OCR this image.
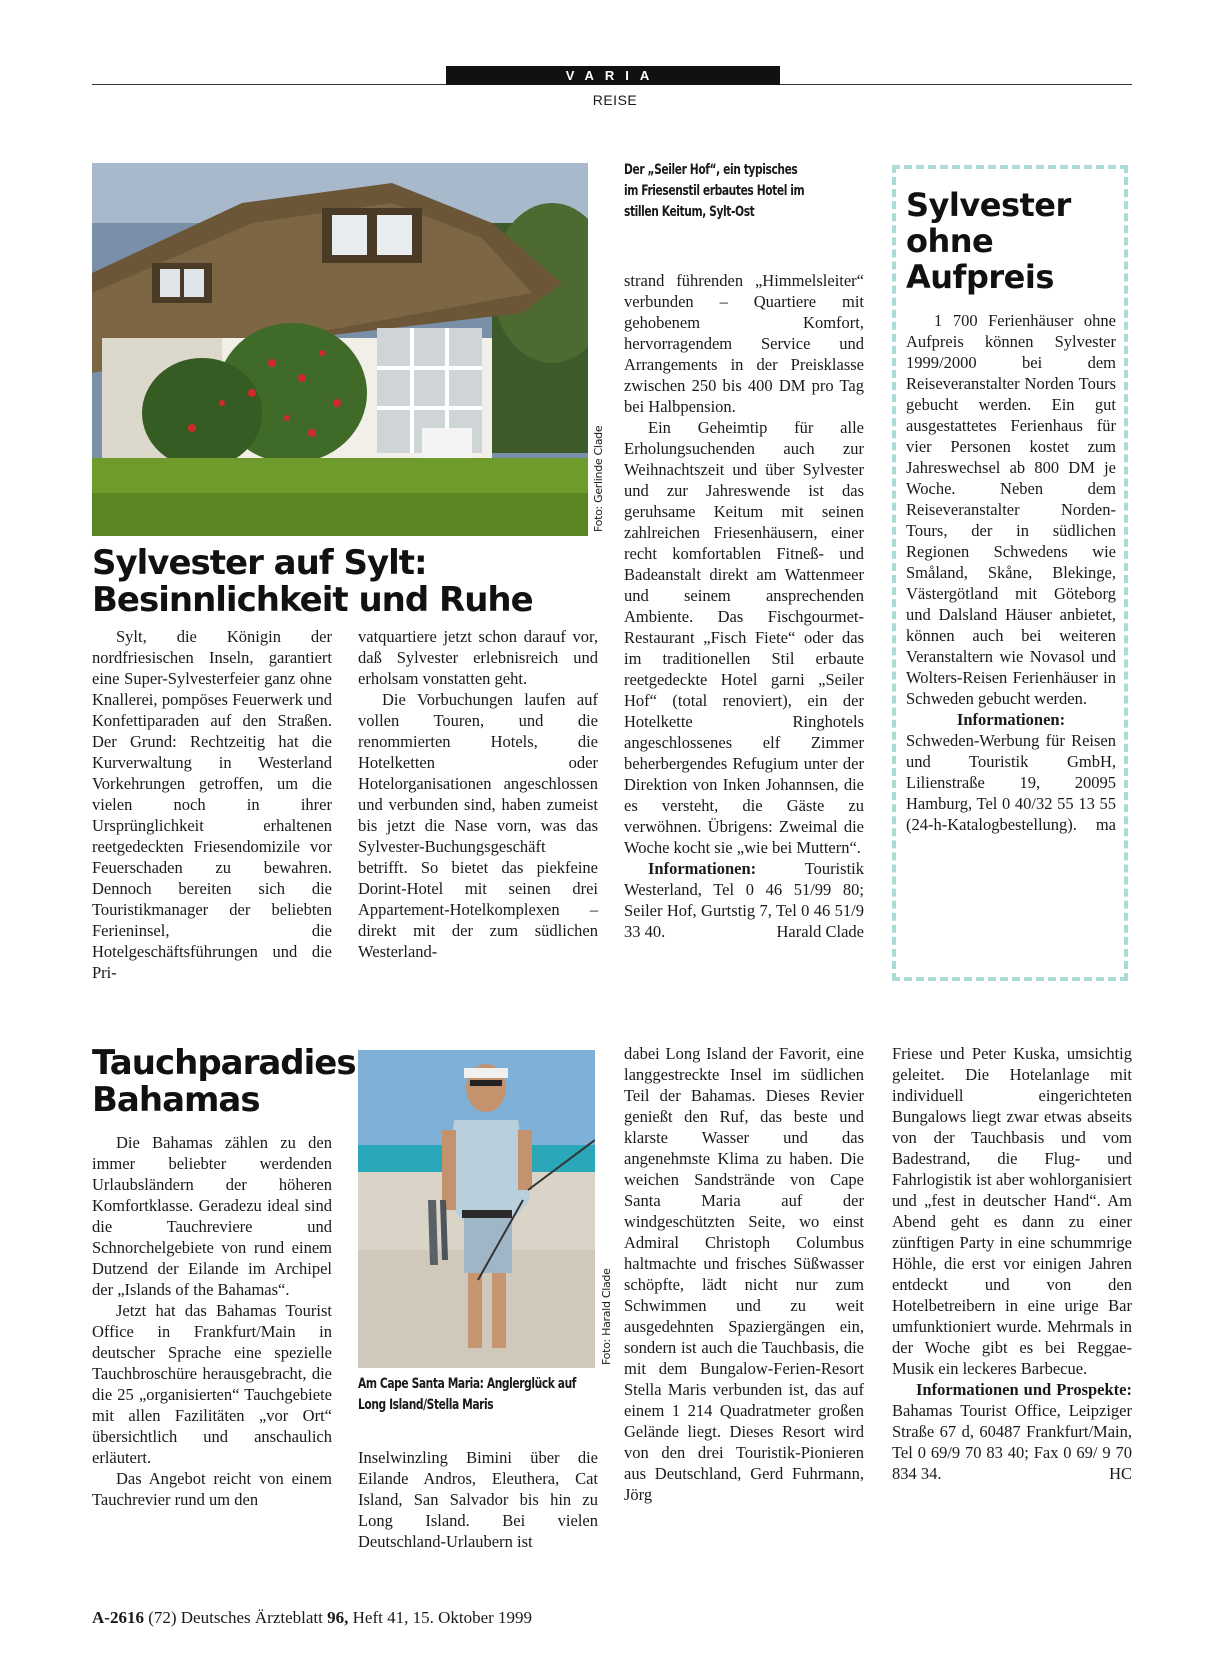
VARIA
REISE
Foto: Gerlinde Clade
Der „Seiler Hof“, ein typisches im Friesenstil erbautes Hotel im stillen Keitum, Sylt-Ost
Sylvester auf Sylt:
Besinnlichkeit und Ruhe

Sylt, die Königin der nordfriesischen Inseln, garantiert eine Super-Sylvesterfeier ganz ohne Knallerei, pompöses Feuerwerk und Konfettiparaden auf den Straßen. Der Grund: Rechtzeitig hat die Kurverwaltung in Westerland Vorkehrungen getroffen, um die vielen noch in ihrer Ursprünglichkeit erhaltenen reetgedeckten Friesendomizile vor Feuerschaden zu bewahren. Dennoch bereiten sich die Touristikmanager der beliebten Ferieninsel, die Hotelgeschäftsführungen und die Pri-

vatquartiere jetzt schon darauf vor, daß Sylvester erlebnisreich und erholsam vonstatten geht.

Die Vorbuchungen laufen auf vollen Touren, und die renommierten Hotels, die Hotelketten oder Hotelorganisationen angeschlossen und verbunden sind, haben zumeist bis jetzt die Nase vorn, was das Sylvester-Buchungsgeschäft betrifft. So bietet das piekfeine Dorint-Hotel mit seinen drei Appartement-Hotelkomplexen – direkt mit der zum südlichen Westerland-

strand führenden „Himmelsleiter“ verbunden – Quartiere mit gehobenem Komfort, hervorragendem Service und Arrangements in der Preisklasse zwischen 250 bis 400 DM pro Tag bei Halbpension.

Ein Geheimtip für alle Erholungsuchenden auch zur Weihnachtszeit und über Sylvester und zur Jahreswende ist das geruhsame Keitum mit seinen zahlreichen Friesenhäusern, einer recht komfortablen Fitneß- und Badeanstalt direkt am Wattenmeer und seinem ansprechenden Ambiente. Das Fischgourmet-Restaurant „Fisch Fiete“ oder das im traditionellen Stil erbaute reetgedeckte Hotel garni „Seiler Hof“ (total renoviert), ein der Hotelkette Ringhotels angeschlossenes elf Zimmer beherbergendes Refugium unter der Direktion von Inken Johannsen, die es versteht, die Gäste zu verwöhnen. Übrigens: Zweimal die Woche kocht sie „wie bei Muttern“.

Informationen: Touristik Westerland, Tel 0 46 51/99 80; Seiler Hof, Gurtstig 7, Tel 0 46 51/9 33 40.	Harald Clade

Sylvester
ohne
Aufpreis

1 700 Ferienhäuser ohne Aufpreis können Sylvester 1999/2000 bei dem Reiseveranstalter Norden Tours gebucht werden. Ein gut ausgestattetes Ferienhaus für vier Personen kostet zum Jahreswechsel ab 800 DM je Woche. Neben dem Reiseveranstalter Norden-Tours, der in südlichen Regionen Schwedens wie Småland, Skåne, Blekinge, Västergötland mit Göteborg und Dalsland Häuser anbietet, können auch bei weiteren Veranstaltern wie Novasol und Wolters-Reisen Ferienhäuser in Schweden gebucht werden.

Informationen:

Schweden-Werbung für Reisen und Touristik GmbH, Lilienstraße 19, 20095 Hamburg, Tel 0 40/32 55 13 55 (24-h-Katalogbestellung). ma

Tauchparadies
Bahamas

Die Bahamas zählen zu den immer beliebter werdenden Urlaubsländern der höheren Komfortklasse. Geradezu ideal sind die Tauchreviere und Schnorchelgebiete von rund einem Dutzend der Eilande im Archipel der „Islands of the Bahamas“.

Jetzt hat das Bahamas Tourist Office in Frankfurt/Main in deutscher Sprache eine spezielle Tauchbroschüre herausgebracht, die die 25 „organisierten“ Tauchgebiete mit allen Fazilitäten „vor Ort“ übersichtlich und anschaulich erläutert.

Das Angebot reicht von einem Tauchrevier rund um den

Foto: Harald Clade
Am Cape Santa Maria: Anglerglück auf Long Island/Stella Maris

Inselwinzling Bimini über die Eilande Andros, Eleuthera, Cat Island, San Salvador bis hin zu Long Island. Bei vielen Deutschland-Urlaubern ist

dabei Long Island der Favorit, eine langgestreckte Insel im südlichen Teil der Bahamas. Dieses Revier genießt den Ruf, das beste und klarste Wasser und das angenehmste Klima zu haben. Die weichen Sandstrände von Cape Santa Maria auf der windgeschützten Seite, wo einst Admiral Christoph Columbus haltmachte und frisches Süßwasser schöpfte, lädt nicht nur zum Schwimmen und zu weit ausgedehnten Spaziergängen ein, sondern ist auch die Tauchbasis, die mit dem Bungalow-Ferien-Resort Stella Maris verbunden ist, das auf einem 1 214 Quadratmeter großen Gelände liegt. Dieses Resort wird von den drei Touristik-Pionieren aus Deutschland, Gerd Fuhrmann, Jörg

Friese und Peter Kuska, umsichtig geleitet. Die Hotelanlage mit individuell eingerichteten Bungalows liegt zwar etwas abseits von der Tauchbasis und vom Badestrand, die Flug- und Fahrlogistik ist aber wohlorganisiert und „fest in deutscher Hand“. Am Abend geht es dann zu einer zünftigen Party in eine schummrige Höhle, die erst vor einigen Jahren entdeckt und von den Hotelbetreibern in eine urige Bar umfunktioniert wurde. Mehrmals in der Woche gibt es bei Reggae-Musik ein leckeres Barbecue.

Informationen und Prospekte: Bahamas Tourist Office, Leipziger Straße 67 d, 60487 Frankfurt/Main, Tel 0 69/9 70 83 40; Fax 0 69/ 9 70 834 34.	HC

A-2616 (72) Deutsches Ärzteblatt 96, Heft 41, 15. Oktober 1999
